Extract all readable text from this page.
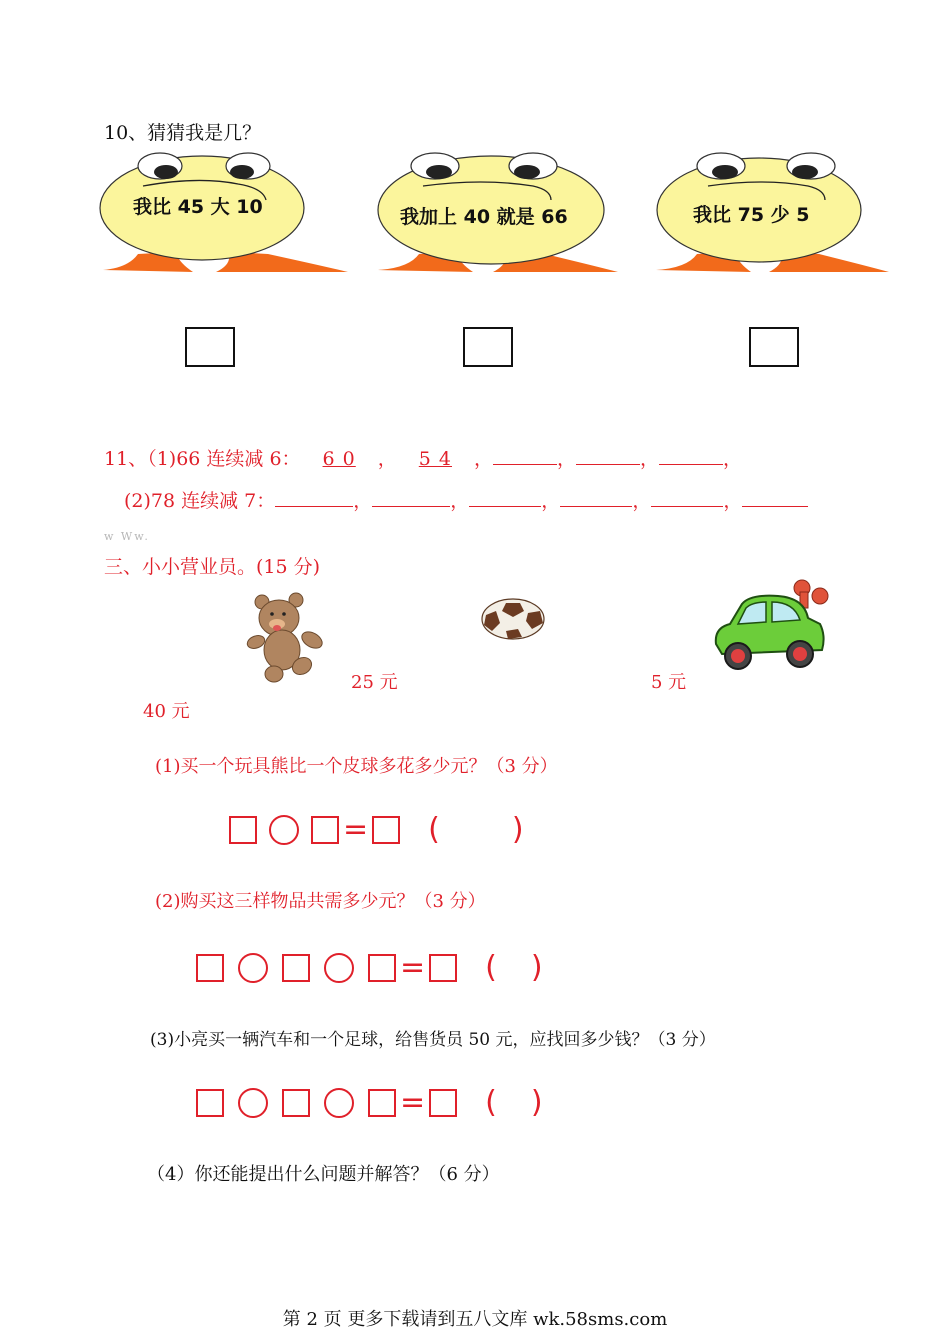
10、猜猜我是几？
我比 45 大 10	我加上 40 就是 66	我比 75 少 5
11、（1)66 连续减 6： 6 0 ， 5 4 ，	，	，	，
(2)78 连续减 7：	，	，	，	，	，
w Ww.
三、小小营业员。(15 分)
25 元	5 元
40 元
(1)买一个玩具熊比一个皮球多花多少元？（3 分）
= ( )
(2)购买这三样物品共需多少元？（3 分）
= ( )
(3)小亮买一辆汽车和一个足球，给售货员 50 元，应找回多少钱？（3 分）
= ( )
（4）你还能提出什么问题并解答？（6 分）
第 2 页 更多下载请到五八文库 wk.58sms.com
